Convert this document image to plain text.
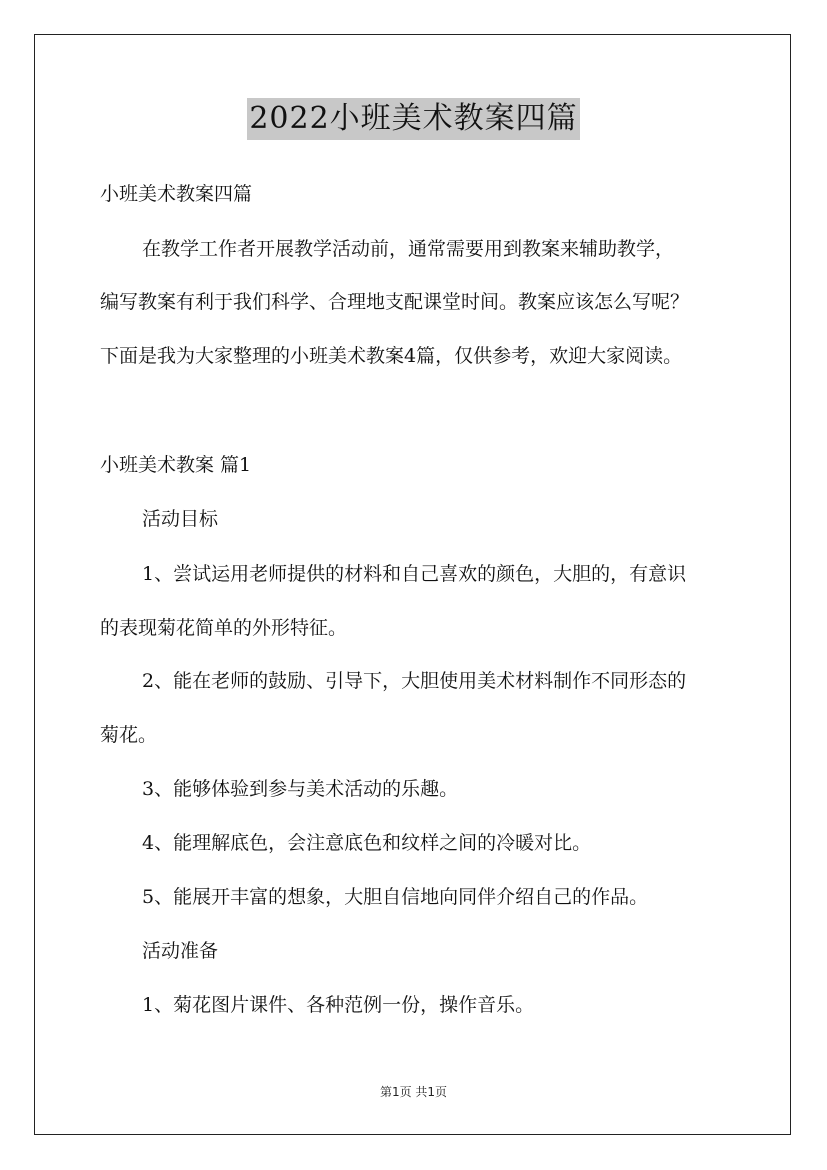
2022小班美术教案四篇
小班美术教案四篇
在教学工作者开展教学活动前，通常需要用到教案来辅助教学，
编写教案有利于我们科学、合理地支配课堂时间。教案应该怎么写呢？
下面是我为大家整理的小班美术教案4篇，仅供参考，欢迎大家阅读。
小班美术教案 篇1
活动目标
1、尝试运用老师提供的材料和自己喜欢的颜色，大胆的，有意识
的表现菊花简单的外形特征。
2、能在老师的鼓励、引导下，大胆使用美术材料制作不同形态的
菊花。
3、能够体验到参与美术活动的乐趣。
4、能理解底色，会注意底色和纹样之间的冷暖对比。
5、能展开丰富的想象，大胆自信地向同伴介绍自己的作品。
活动准备
1、菊花图片课件、各种范例一份，操作音乐。
第1页 共1页
